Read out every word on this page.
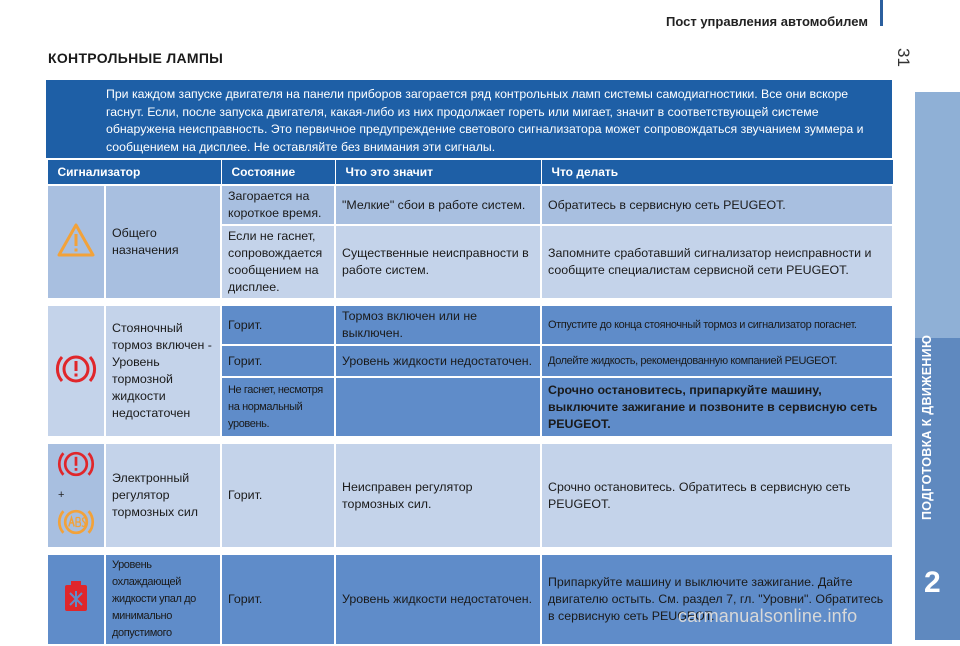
Пост управления автомобилем
31
ПОДГОТОВКА К ДВИЖЕНИЮ
2
КОНТРОЛЬНЫЕ ЛАМПЫ
При каждом запуске двигателя на панели приборов загорается ряд контрольных ламп системы самодиагностики. Все они вскоре гаснут. Если, после запуска двигателя, какая-либо из них продолжает гореть или мигает, значит в соответствующей системе обнаружена неисправность. Это первичное предупреждение светового сигнализатора может сопровождаться звучанием зуммера и сообщением на дисплее. Не оставляйте без внимания эти сигналы.
Сигнализатор		Состояние	Что это значит	Что делать
	Общего назначения	Загорается на короткое время.	"Мелкие" сбои в работе систем.	Обратитесь в сервисную сеть PEUGEOT.
		Если не гаснет, сопровождается сообщением на дисплее.	Существенные неисправности в работе систем.	Запомните сработавший сигнализатор неисправности и сообщите специалистам сервисной сети PEUGEOT.

	Стояночный тормоз включен - Уровень тормозной жидкости недостаточен	Горит.	Тормоз включен или не выключен.	Отпустите до конца стояночный тормоз и сигнализатор погаснет.
		Горит.	Уровень жидкости недостаточен.	Долейте жидкость, рекомендованную компанией PEUGEOT.
		Не гаснет, несмотря на нормальный уровень.		Срочно остановитесь, припаркуйте машину, выключите зажигание и позвоните в сервисную сеть PEUGEOT.

+	Электронный регулятор тормозных сил	Горит.	Неисправен регулятор тормозных сил.	Срочно остановитесь. Обратитесь в сервисную сеть PEUGEOT.

	Уровень охлаждающей жидкости упал до минимально допустимого	Горит.	Уровень жидкости недостаточен.	Припаркуйте машину и выключите зажигание. Дайте двигателю остыть. См. раздел 7, гл. "Уровни". Обратитесь в сервисную сеть PEUGEOT.
carmanualsonline.info
